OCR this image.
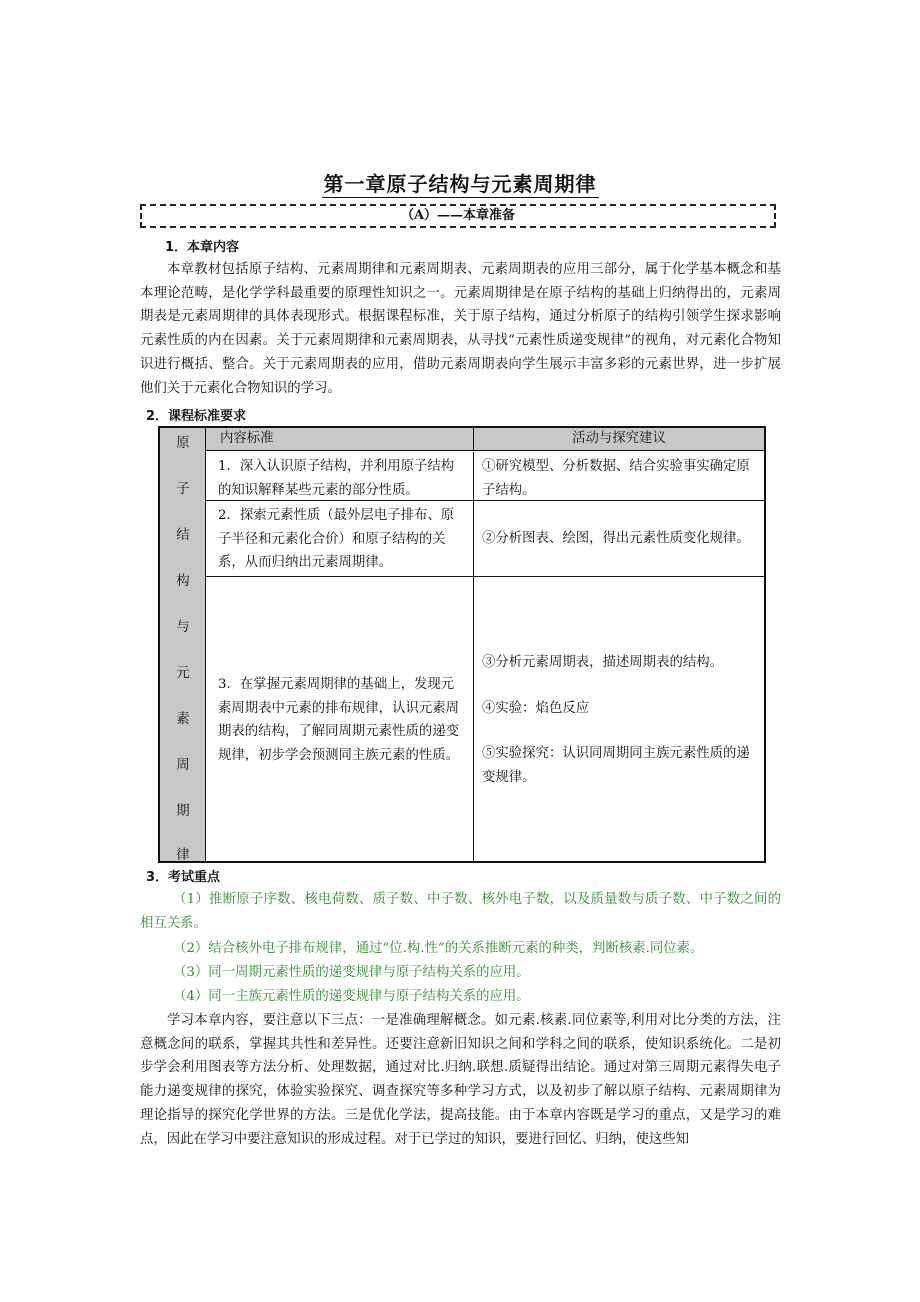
第一章原子结构与元素周期律
（A）——本章准备
1．本章内容
本章教材包括原子结构、元素周期律和元素周期表、元素周期表的应用三部分，属于化学基本概念和基本理论范畴，是化学学科最重要的原理性知识之一。元素周期律是在原子结构的基础上归纳得出的，元素周期表是元素周期律的具体表现形式。根据课程标准，关于原子结构，通过分析原子的结构引领学生探求影响元素性质的内在因素。关于元素周期律和元素周期表，从寻找“元素性质递变规律”的视角，对元素化合物知识进行概括、整合。关于元素周期表的应用，借助元素周期表向学生展示丰富多彩的元素世界，进一步扩展他们关于元素化合物知识的学习。
2．课程标准要求
原
子
结
构
与
元
素
周
期
律
内容标准	活动与探究建议
1．深入认识原子结构，并利用原子结构的知识解释某些元素的部分性质。
①研究模型、分析数据、结合实验事实确定原子结构。
2．探索元素性质（最外层电子排布、原子半径和元素化合价）和原子结构的关系，从而归纳出元素周期律。
②分析图表、绘图，得出元素性质变化规律。
3．在掌握元素周期律的基础上，发现元素周期表中元素的排布规律，认识元素周期表的结构，了解同周期元素性质的递变规律，初步学会预测同主族元素的性质。
③分析元素周期表，描述周期表的结构。
④实验：焰色反应
⑤实验探究：认识同周期同主族元素性质的递变规律。
3．考试重点
（1）推断原子序数、核电荷数、质子数、中子数、核外电子数，以及质量数与质子数、中子数之间的相互关系。
（2）结合核外电子排布规律，通过“位.构.性”的关系推断元素的种类，判断核素.同位素。
（3）同一周期元素性质的递变规律与原子结构关系的应用。
（4）同一主族元素性质的递变规律与原子结构关系的应用。
学习本章内容，要注意以下三点：一是准确理解概念。如元素.核素.同位素等,利用对比分类的方法，注意概念间的联系，掌握其共性和差异性。还要注意新旧知识之间和学科之间的联系，使知识系统化。二是初步学会利用图表等方法分析、处理数据，通过对比.归纳.联想.质疑得出结论。通过对第三周期元素得失电子能力递变规律的探究，体验实验探究、调查探究等多种学习方式，以及初步了解以原子结构、元素周期律为理论指导的探究化学世界的方法。三是优化学法，提高技能。由于本章内容既是学习的重点，又是学习的难点，因此在学习中要注意知识的形成过程。对于已学过的知识，要进行回忆、归纳，使这些知
